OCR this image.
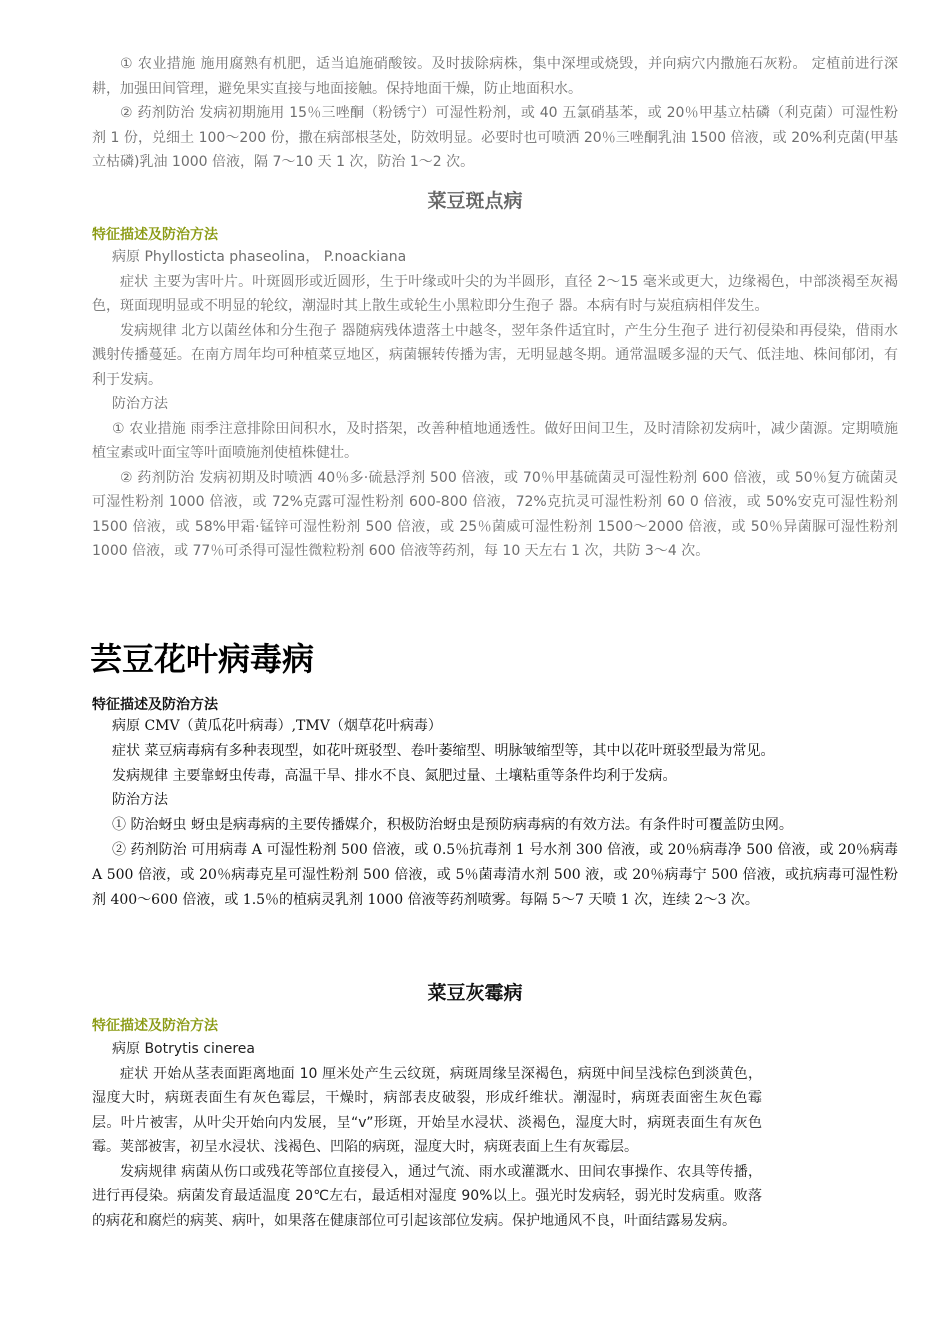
① 农业措施 施用腐熟有机肥，适当追施硝酸铵。及时拔除病株，集中深埋或烧毁，并向病穴内撒施石灰粉。 定植前进行深耕，加强田间管理，避免果实直接与地面接触。保持地面干燥，防止地面积水。

② 药剂防治 发病初期施用 15％三唑酮（粉锈宁）可湿性粉剂，或 40 五氯硝基苯，或 20％甲基立枯磷（利克菌）可湿性粉剂 1 份，兑细土 100～200 份，撒在病部根茎处，防效明显。必要时也可喷洒 20％三唑酮乳油 1500 倍液，或 20%利克菌(甲基立枯磷)乳油 1000 倍液，隔 7～10 天 1 次，防治 1～2 次。

菜豆斑点病

特征描述及防治方法

病原 Phyllosticta phaseolina， P.noackiana

症状 主要为害叶片。叶斑圆形或近圆形，生于叶缘或叶尖的为半圆形，直径 2～15 毫米或更大，边缘褐色，中部淡褐至灰褐色，斑面现明显或不明显的轮纹，潮湿时其上散生或轮生小黑粒即分生孢子 器。本病有时与炭疽病相伴发生。

发病规律 北方以菌丝体和分生孢子 器随病残体遗落土中越冬，翌年条件适宜时，产生分生孢子 进行初侵染和再侵染，借雨水溅射传播蔓延。在南方周年均可种植菜豆地区，病菌辗转传播为害，无明显越冬期。通常温暖多湿的天气、低洼地、株间郁闭，有利于发病。

防治方法

① 农业措施 雨季注意排除田间积水，及时搭架，改善种植地通透性。做好田间卫生，及时清除初发病叶，减少菌源。定期喷施植宝素或叶面宝等叶面喷施剂使植株健壮。

② 药剂防治 发病初期及时喷洒 40％多·硫悬浮剂 500 倍液，或 70％甲基硫菌灵可湿性粉剂 600 倍液，或 50％复方硫菌灵可湿性粉剂 1000 倍液，或 72%克露可湿性粉剂 600-800 倍液，72%克抗灵可湿性粉剂 60 0 倍液，或 50%安克可湿性粉剂 1500 倍液，或 58%甲霜·锰锌可湿性粉剂 500 倍液，或 25％菌威可湿性粉剂 1500～2000 倍液，或 50％异菌脲可湿性粉剂 1000 倍液，或 77％可杀得可湿性微粒粉剂 600 倍液等药剂，每 10 天左右 1 次，共防 3～4 次。

芸豆花叶病毒病

特征描述及防治方法

病原 CMV（黄瓜花叶病毒）,TMV（烟草花叶病毒）

症状 菜豆病毒病有多种表现型，如花叶斑驳型、卷叶萎缩型、明脉皱缩型等，其中以花叶斑驳型最为常见。

发病规律 主要靠蚜虫传毒，高温干旱、排水不良、氮肥过量、土壤粘重等条件均利于发病。

防治方法

① 防治蚜虫 蚜虫是病毒病的主要传播媒介，积极防治蚜虫是预防病毒病的有效方法。有条件时可覆盖防虫网。

② 药剂防治 可用病毒 A 可湿性粉剂 500 倍液，或 0.5％抗毒剂 1 号水剂 300 倍液，或 20％病毒净 500 倍液，或 20％病毒 A 500 倍液，或 20％病毒克星可湿性粉剂 500 倍液，或 5％菌毒清水剂 500 液，或 20％病毒宁 500 倍液，或抗病毒可湿性粉剂 400～600 倍液，或 1.5％的植病灵乳剂 1000 倍液等药剂喷雾。每隔 5～7 天喷 1 次，连续 2～3 次。

菜豆灰霉病

特征描述及防治方法

病原 Botrytis cinerea

症状 开始从茎表面距离地面 10 厘米处产生云纹斑，病斑周缘呈深褐色，病斑中间呈浅棕色到淡黄色，湿度大时，病斑表面生有灰色霉层，干燥时，病部表皮破裂，形成纤维状。潮湿时，病斑表面密生灰色霉层。叶片被害，从叶尖开始向内发展，呈“v”形斑，开始呈水浸状、淡褐色，湿度大时，病斑表面生有灰色霉。荚部被害，初呈水浸状、浅褐色、凹陷的病斑，湿度大时，病斑表面上生有灰霉层。

发病规律 病菌从伤口或残花等部位直接侵入，通过气流、雨水或灌溉水、田间农事操作、农具等传播，进行再侵染。病菌发育最适温度 20℃左右，最适相对湿度 90%以上。强光时发病轻，弱光时发病重。败落的病花和腐烂的病荚、病叶，如果落在健康部位可引起该部位发病。保护地通风不良，叶面结露易发病。
